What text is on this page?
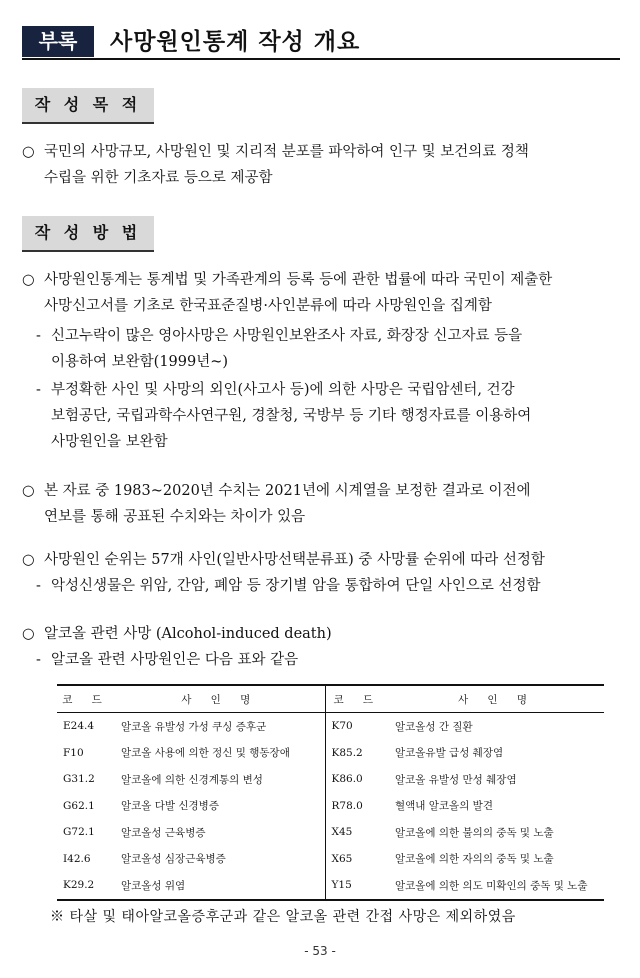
부록	사망원인통계 작성 개요
작 성 목 적
○ 국민의 사망규모, 사망원인 및 지리적 분포를 파악하여 인구 및 보건의료 정책

수립을 위한 기초자료 등으로 제공함

작 성 방 법
○ 사망원인통계는 통계법 및 가족관계의 등록 등에 관한 법률에 따라 국민이 제출한

사망신고서를 기초로 한국표준질병·사인분류에 따라 사망원인을 집계함

- 신고누락이 많은 영아사망은 사망원인보완조사 자료, 화장장 신고자료 등을

이용하여 보완함(1999년~)

- 부정확한 사인 및 사망의 외인(사고사 등)에 의한 사망은 국립암센터, 건강

보험공단, 국립과학수사연구원, 경찰청, 국방부 등 기타 행정자료를 이용하여

사망원인을 보완함

○ 본 자료 중 1983~2020년 수치는 2021년에 시계열을 보정한 결과로 이전에

연보를 통해 공표된 수치와는 차이가 있음

○ 사망원인 순위는 57개 사인(일반사망선택분류표) 중 사망률 순위에 따라 선정함

- 악성신생물은 위암, 간암, 폐암 등 장기별 암을 통합하여 단일 사인으로 선정함

○ 알코올 관련 사망 (Alcohol-induced death)

- 알코올 관련 사망원인은 다음 표와 같음

코 드	사 인 명	코 드	사 인 명
E24.4	알코올 유발성 가성 쿠싱 증후군	K70	알코올성 간 질환
F10	알코올 사용에 의한 정신 및 행동장애	K85.2	알코올유발 급성 췌장염
G31.2	알코올에 의한 신경계통의 변성	K86.0	알코올 유발성 만성 췌장염
G62.1	알코올 다발 신경병증	R78.0	혈액내 알코올의 발견
G72.1	알코올성 근육병증	X45	알코올에 의한 불의의 중독 및 노출
I42.6	알코올성 심장근육병증	X65	알코올에 의한 자의의 중독 및 노출
K29.2	알코올성 위염	Y15	알코올에 의한 의도 미확인의 중독 및 노출
※ 타살 및 태아알코올증후군과 같은 알코올 관련 간접 사망은 제외하였음
- 53 -
